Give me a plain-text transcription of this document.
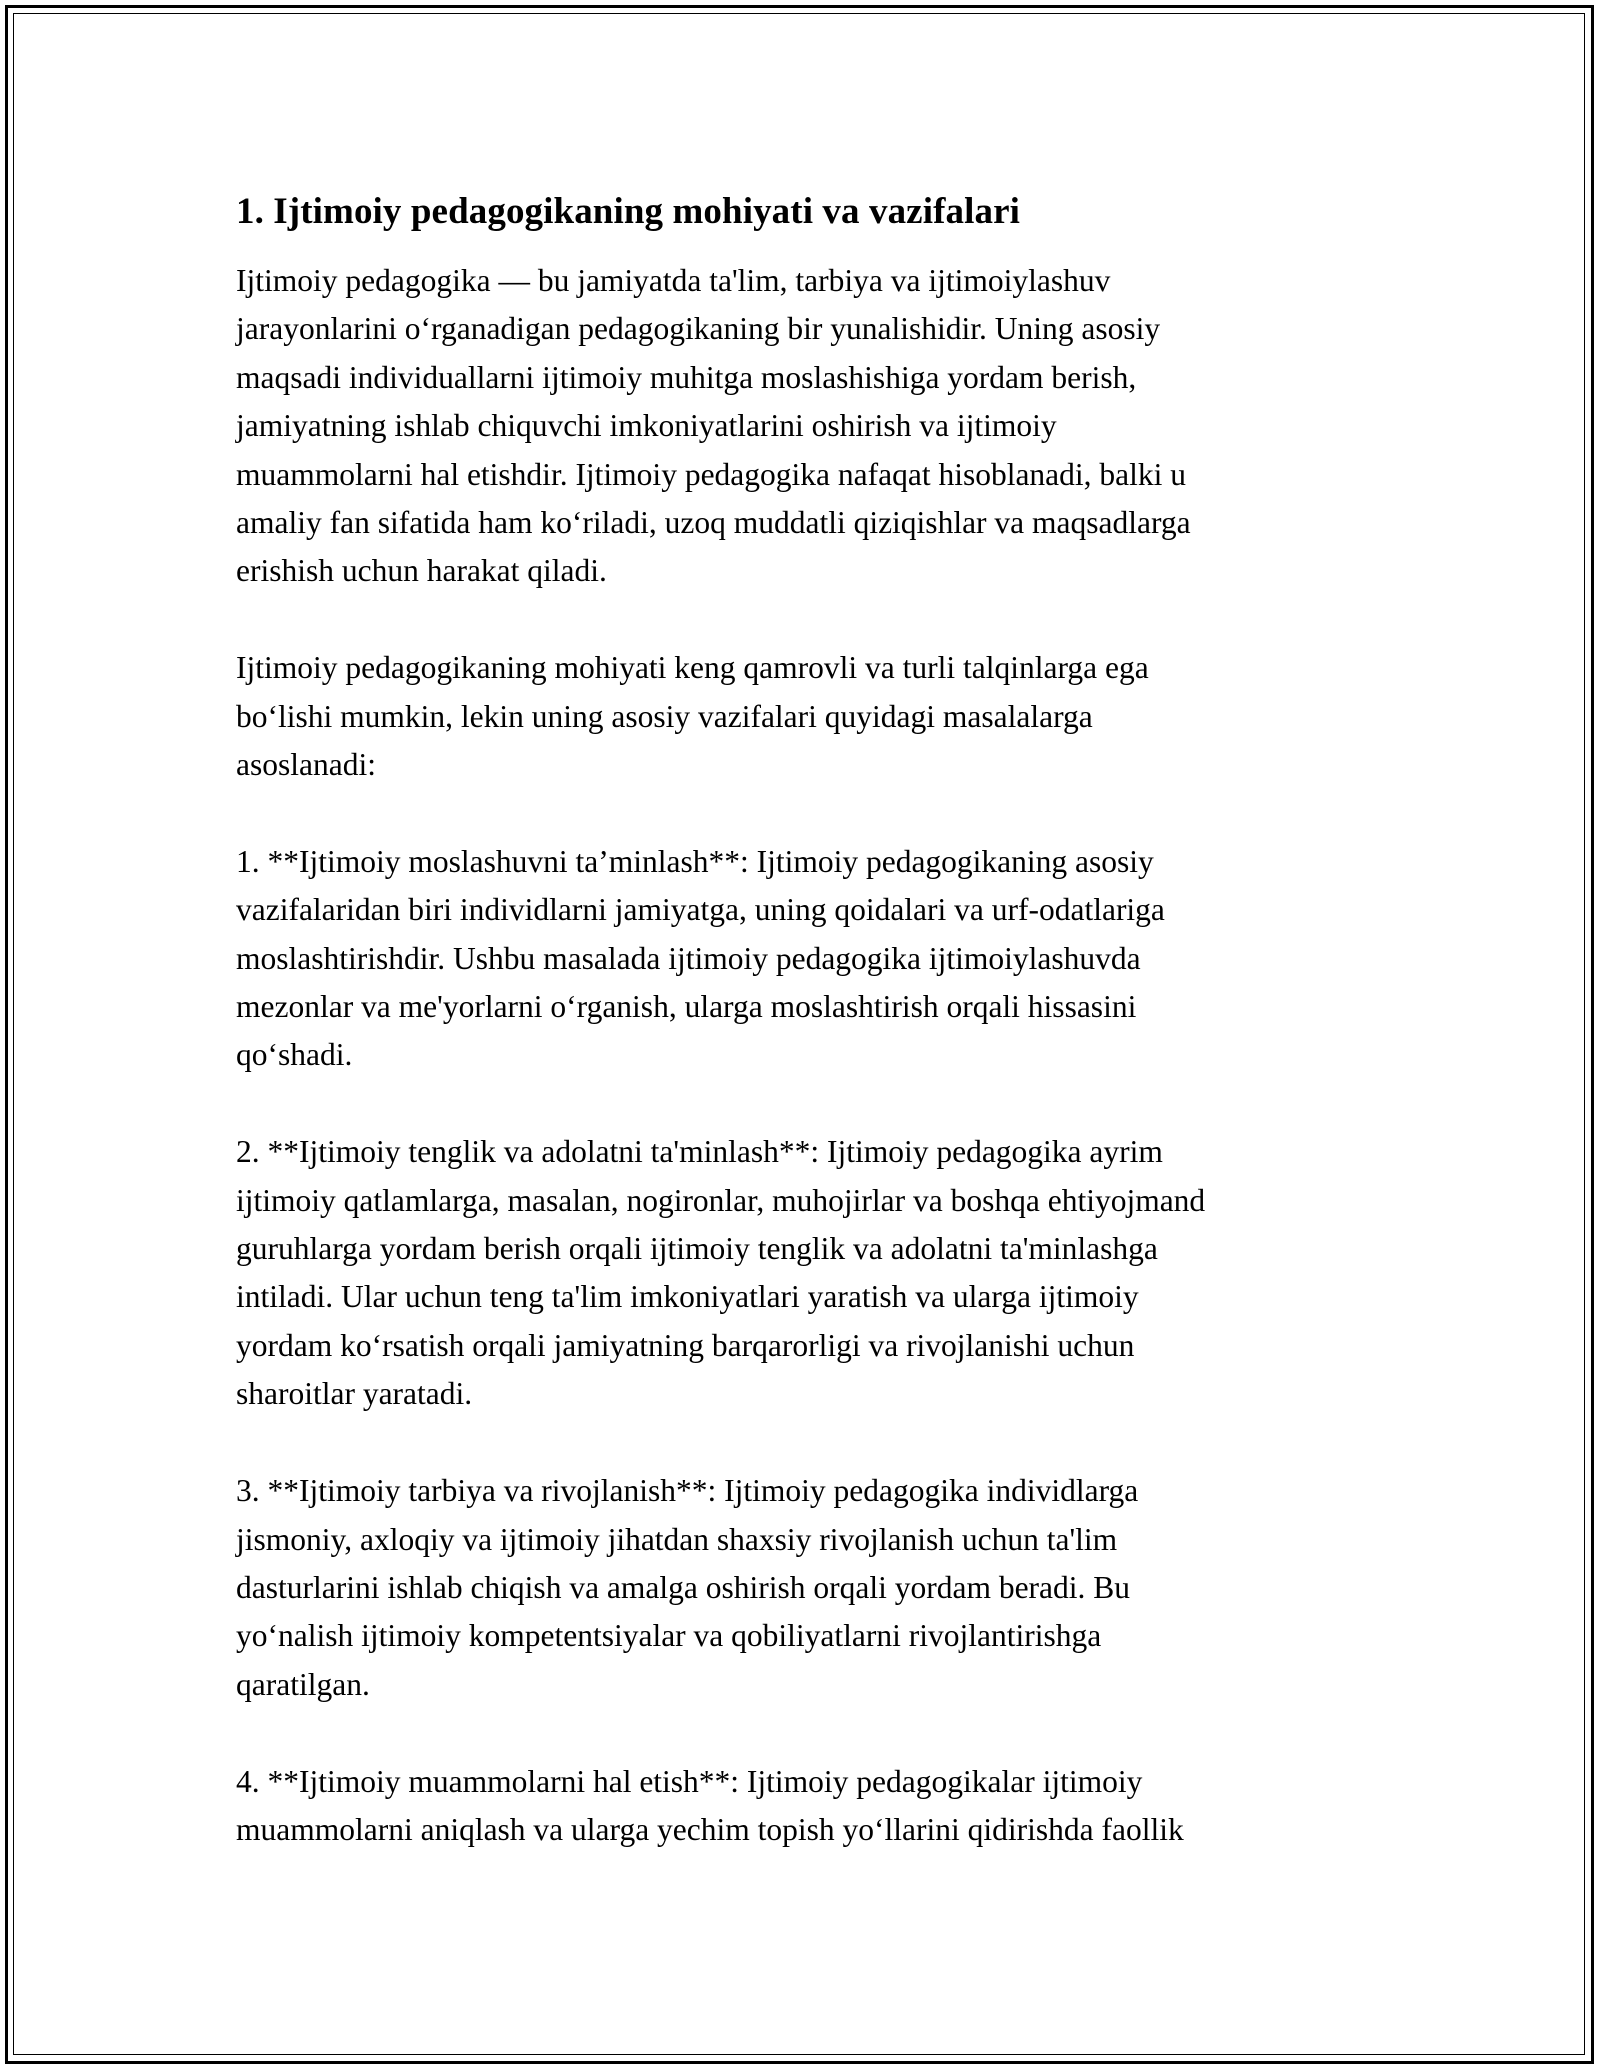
1. Ijtimoiy pedagogikaning mohiyati va vazifalari

Ijtimoiy pedagogika — bu jamiyatda ta'lim, tarbiya va ijtimoiylashuv
jarayonlarini o‘rganadigan pedagogikaning bir yunalishidir. Uning asosiy
maqsadi individuallarni ijtimoiy muhitga moslashishiga yordam berish,
jamiyatning ishlab chiquvchi imkoniyatlarini oshirish va ijtimoiy
muammolarni hal etishdir. Ijtimoiy pedagogika nafaqat hisoblanadi, balki u
amaliy fan sifatida ham ko‘riladi, uzoq muddatli qiziqishlar va maqsadlarga
erishish uchun harakat qiladi.

Ijtimoiy pedagogikaning mohiyati keng qamrovli va turli talqinlarga ega
bo‘lishi mumkin, lekin uning asosiy vazifalari quyidagi masalalarga
asoslanadi:

1. **Ijtimoiy moslashuvni ta’minlash**: Ijtimoiy pedagogikaning asosiy
vazifalaridan biri individlarni jamiyatga, uning qoidalari va urf-odatlariga
moslashtirishdir. Ushbu masalada ijtimoiy pedagogika ijtimoiylashuvda
mezonlar va me'yorlarni o‘rganish, ularga moslashtirish orqali hissasini
qo‘shadi.

2. **Ijtimoiy tenglik va adolatni ta'minlash**: Ijtimoiy pedagogika ayrim
ijtimoiy qatlamlarga, masalan, nogironlar, muhojirlar va boshqa ehtiyojmand
guruhlarga yordam berish orqali ijtimoiy tenglik va adolatni ta'minlashga
intiladi. Ular uchun teng ta'lim imkoniyatlari yaratish va ularga ijtimoiy
yordam ko‘rsatish orqali jamiyatning barqarorligi va rivojlanishi uchun
sharoitlar yaratadi.

3. **Ijtimoiy tarbiya va rivojlanish**: Ijtimoiy pedagogika individlarga
jismoniy, axloqiy va ijtimoiy jihatdan shaxsiy rivojlanish uchun ta'lim
dasturlarini ishlab chiqish va amalga oshirish orqali yordam beradi. Bu
yo‘nalish ijtimoiy kompetentsiyalar va qobiliyatlarni rivojlantirishga
qaratilgan.

4. **Ijtimoiy muammolarni hal etish**: Ijtimoiy pedagogikalar ijtimoiy
muammolarni aniqlash va ularga yechim topish yo‘llarini qidirishda faollik
